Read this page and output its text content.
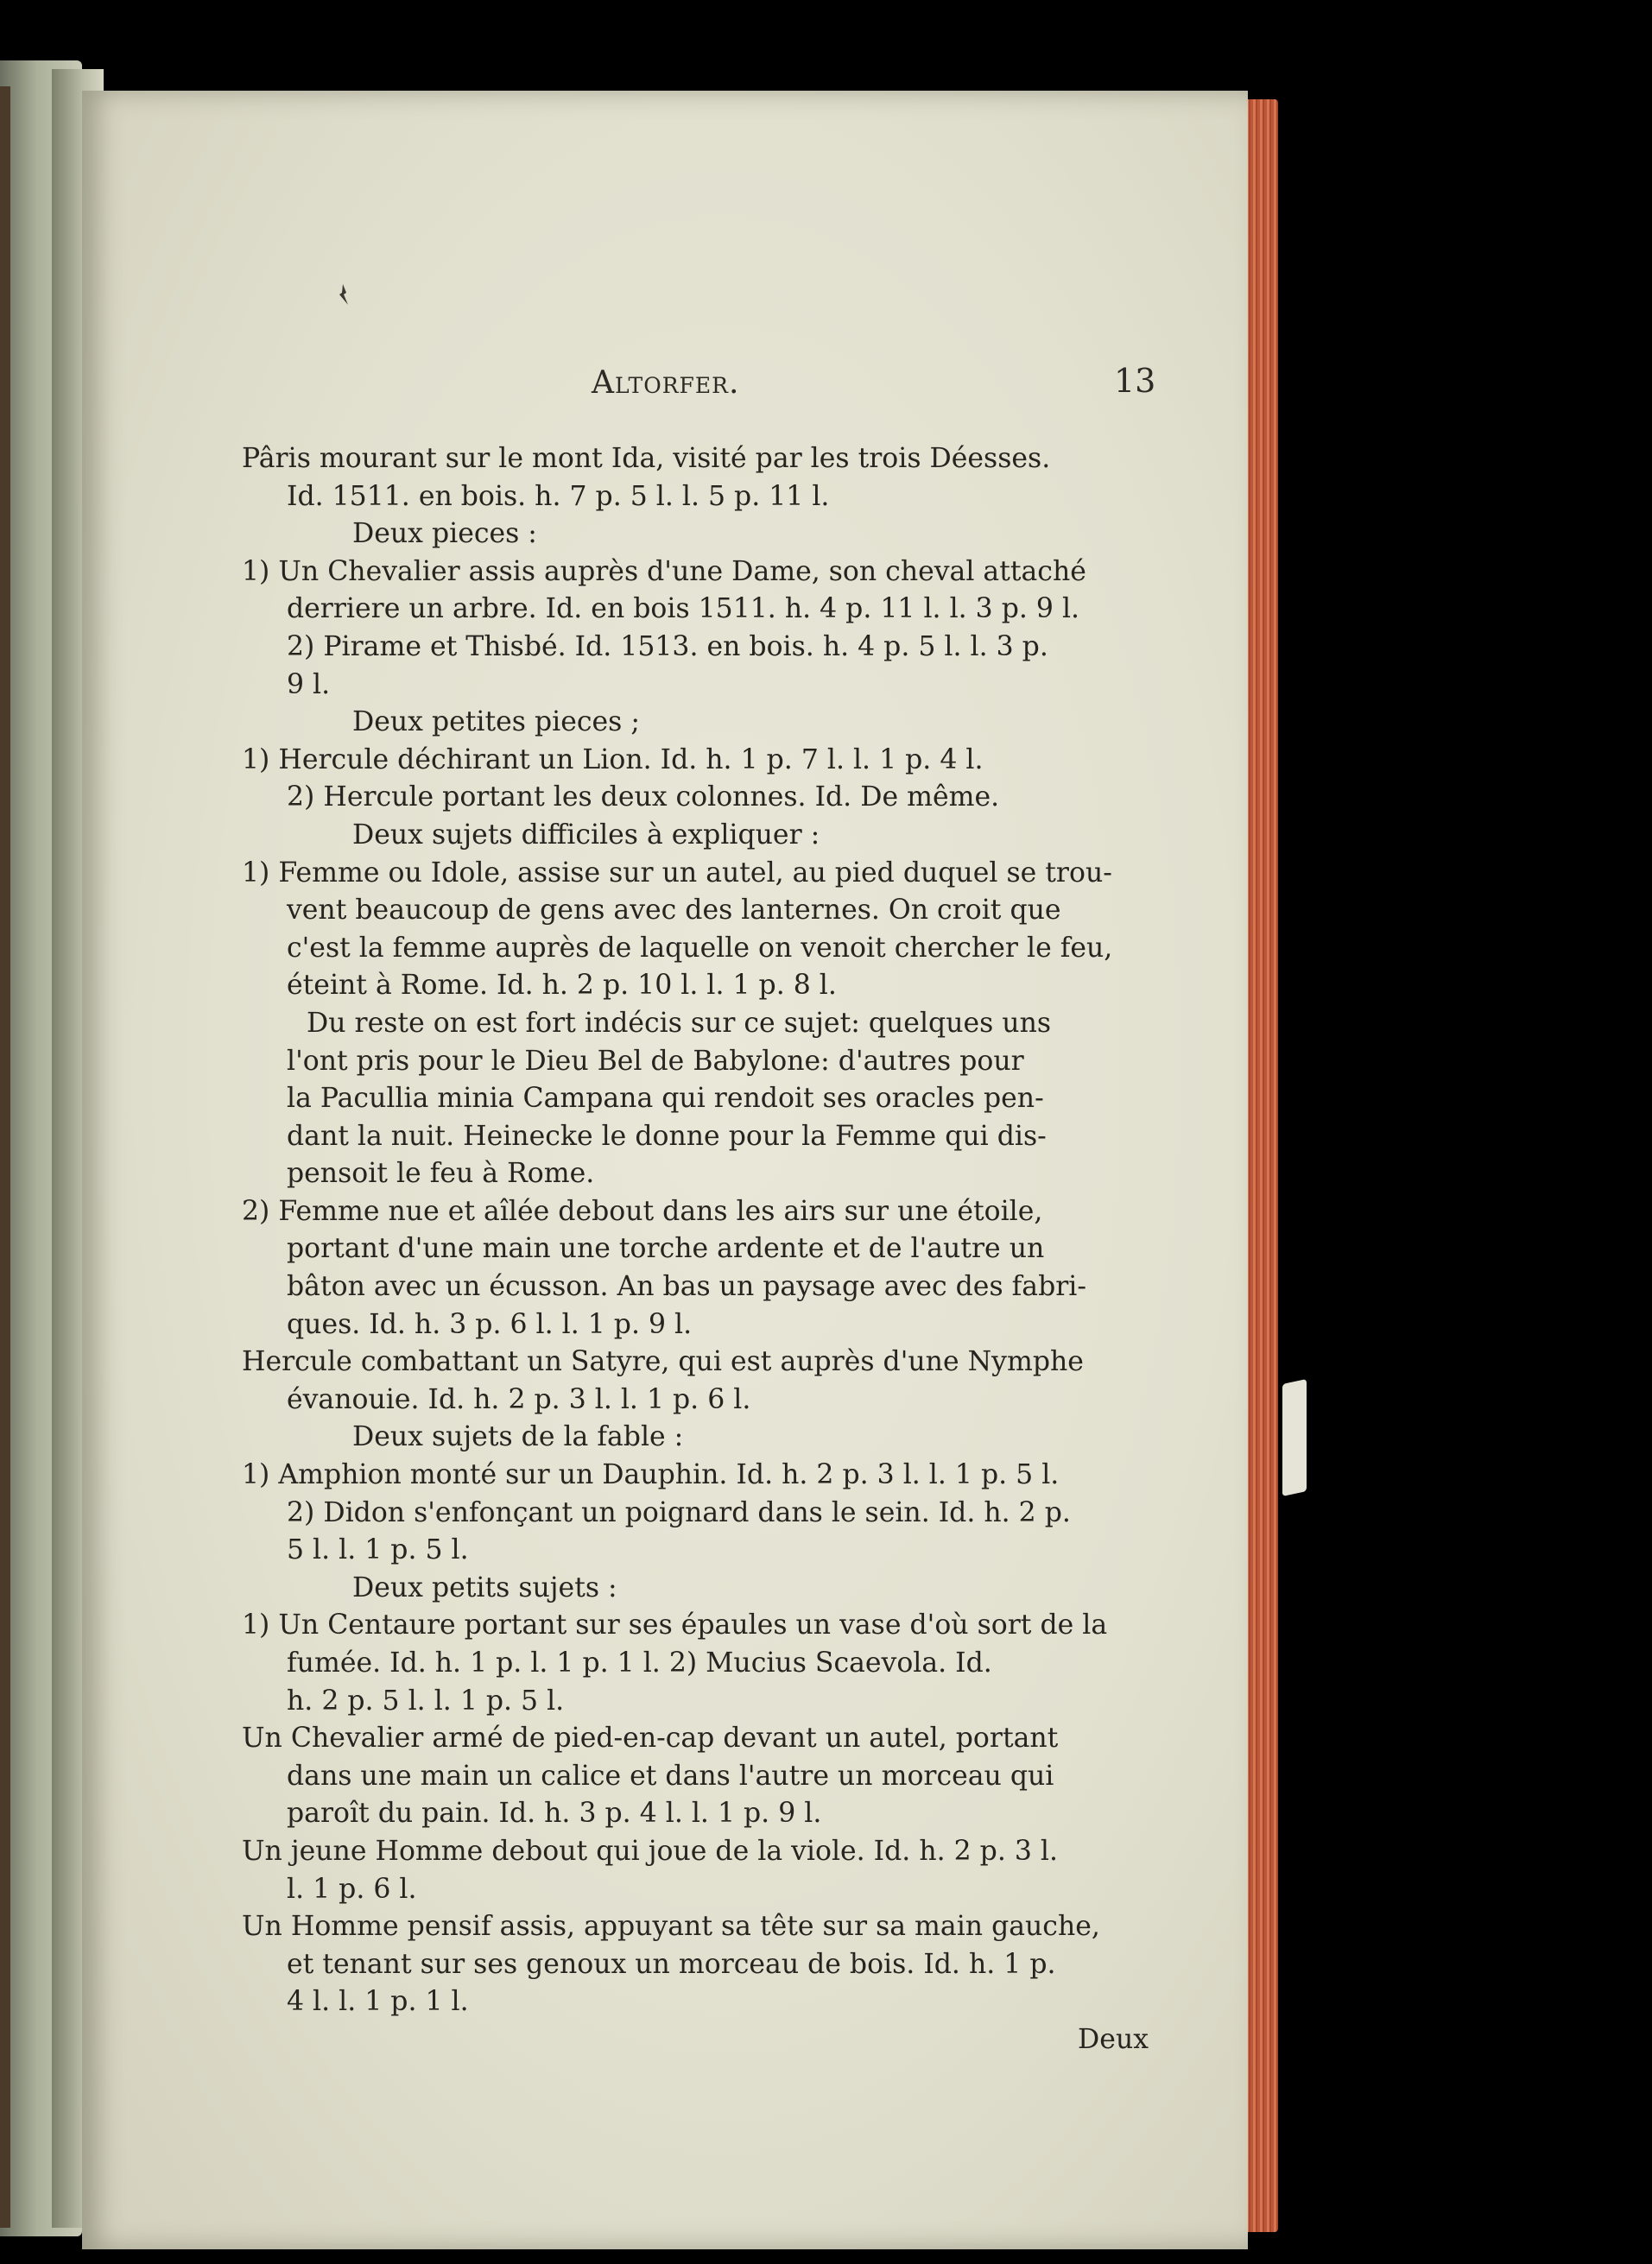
Altorfer.	13
Pâris mourant sur le mont Ida, visité par les trois Déesses.
Id. 1511. en bois. h. 7 p. 5 l. l. 5 p. 11 l.
Deux pieces :
1) Un Chevalier assis auprès d'une Dame, son cheval attaché
derriere un arbre. Id. en bois 1511. h. 4 p. 11 l. l. 3 p. 9 l.
2) Pirame et Thisbé. Id. 1513. en bois. h. 4 p. 5 l. l. 3 p.
9 l.
Deux petites pieces ;
1) Hercule déchirant un Lion. Id. h. 1 p. 7 l. l. 1 p. 4 l.
2) Hercule portant les deux colonnes. Id. De même.
Deux sujets difficiles à expliquer :
1) Femme ou Idole, assise sur un autel, au pied duquel se trou-
vent beaucoup de gens avec des lanternes. On croit que
c'est la femme auprès de laquelle on venoit chercher le feu,
éteint à Rome. Id. h. 2 p. 10 l. l. 1 p. 8 l.
Du reste on est fort indécis sur ce sujet: quelques uns
l'ont pris pour le Dieu Bel de Babylone: d'autres pour
la Pacullia minia Campana qui rendoit ses oracles pen-
dant la nuit. Heinecke le donne pour la Femme qui dis-
pensoit le feu à Rome.
2) Femme nue et aîlée debout dans les airs sur une étoile,
portant d'une main une torche ardente et de l'autre un
bâton avec un écusson. An bas un paysage avec des fabri-
ques. Id. h. 3 p. 6 l. l. 1 p. 9 l.
Hercule combattant un Satyre, qui est auprès d'une Nymphe
évanouie. Id. h. 2 p. 3 l. l. 1 p. 6 l.
Deux sujets de la fable :
1) Amphion monté sur un Dauphin. Id. h. 2 p. 3 l. l. 1 p. 5 l.
2) Didon s'enfonçant un poignard dans le sein. Id. h. 2 p.
5 l. l. 1 p. 5 l.
Deux petits sujets :
1) Un Centaure portant sur ses épaules un vase d'où sort de la
fumée. Id. h. 1 p. l. 1 p. 1 l. 2) Mucius Scaevola. Id.
h. 2 p. 5 l. l. 1 p. 5 l.
Un Chevalier armé de pied-en-cap devant un autel, portant
dans une main un calice et dans l'autre un morceau qui
paroît du pain. Id. h. 3 p. 4 l. l. 1 p. 9 l.
Un jeune Homme debout qui joue de la viole. Id. h. 2 p. 3 l.
l. 1 p. 6 l.
Un Homme pensif assis, appuyant sa tête sur sa main gauche,
et tenant sur ses genoux un morceau de bois. Id. h. 1 p.
4 l. l. 1 p. 1 l.
Deux
